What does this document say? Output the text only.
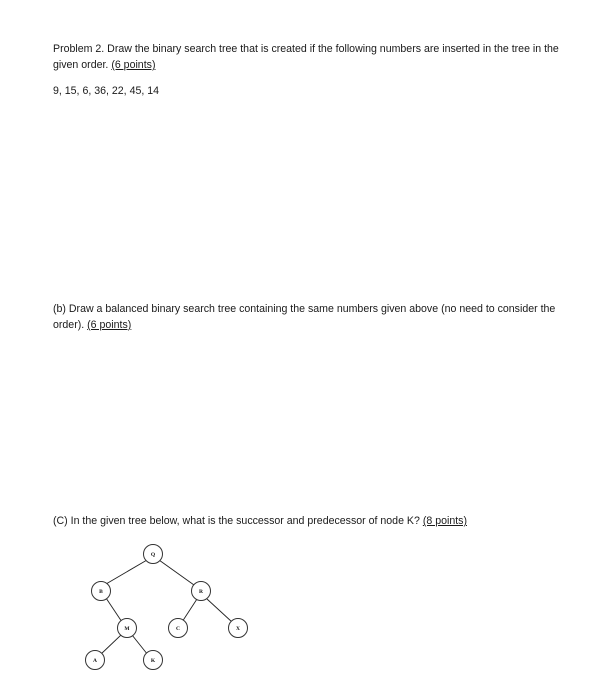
Problem 2. Draw the binary search tree that is created if the following numbers are inserted in the tree in the given order. (6 points)
9, 15, 6, 36, 22, 45, 14
(b) Draw a balanced binary search tree containing the same numbers given above (no need to consider the order). (6 points)
(C) In the given tree below, what is the successor and predecessor of node K? (8 points)
Q
B	R
M	C	X
A	K
